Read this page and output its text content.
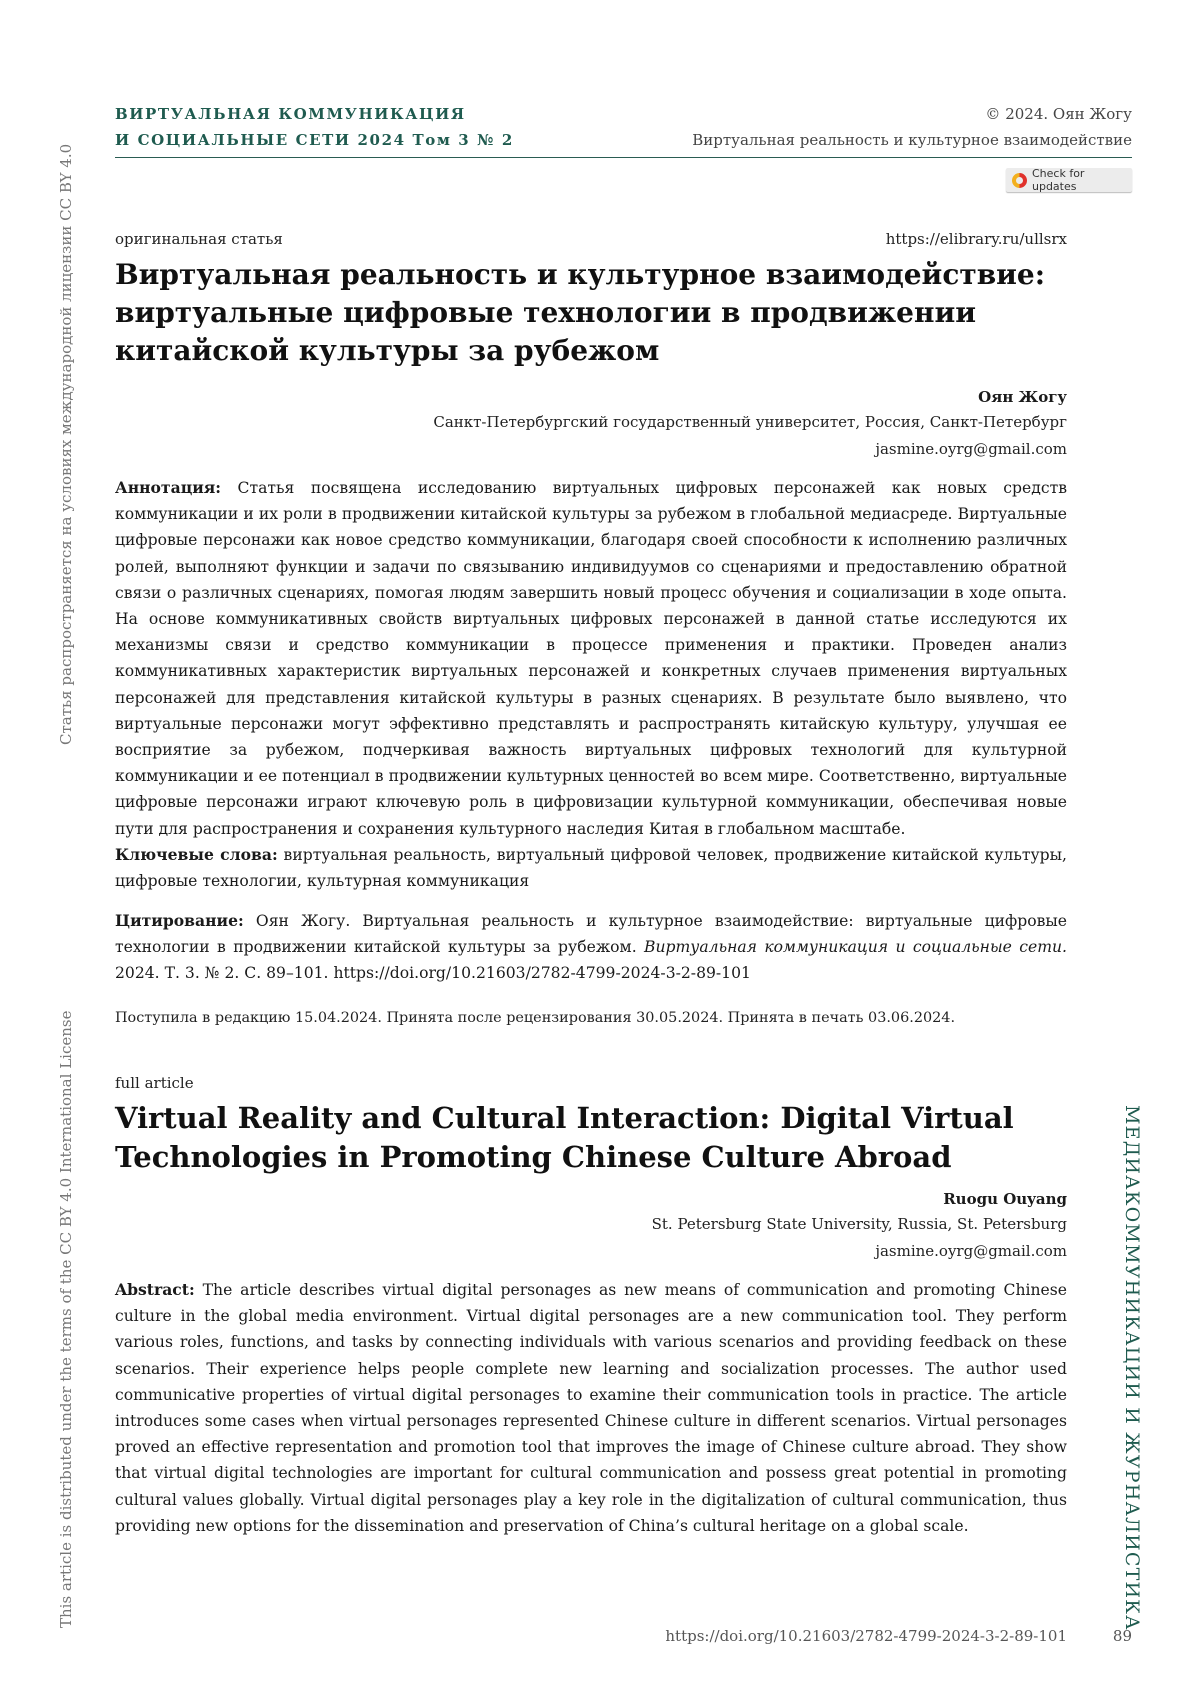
ВИРТУАЛЬНАЯ КОММУНИКАЦИЯ
И СОЦИАЛЬНЫЕ СЕТИ 2024 Том 3 № 2
© 2024. Оян Жогу
Виртуальная реальность и культурное взаимодействие
Check for updates
Статья распространяется на условиях международной лицензии CC BY 4.0
This article is distributed under the terms of the CC BY 4.0 International License	МЕДИАКОММУНИКАЦИИ И ЖУРНАЛИСТИКА
оригинальная статья	https://elibrary.ru/ullsrx
Виртуальная реальность и культурное взаимодействие:
виртуальные цифровые технологии в продвижении
китайской культуры за рубежом
Оян Жогу
Санкт-Петербургский государственный университет, Россия, Санкт-Петербург
jasmine.oyrg@gmail.com

Аннотация: Статья посвящена исследованию виртуальных цифровых персонажей как новых средств коммуникации и их роли в продвижении китайской культуры за рубежом в глобальной медиасреде. Виртуальные цифровые персонажи как новое средство коммуникации, благодаря своей способности к исполнению различных ролей, выполняют функции и задачи по связыванию индивидуумов со сценариями и предоставлению обратной связи о различных сценариях, помогая людям завершить новый процесс обучения и социализации в ходе опыта. На основе коммуникативных свойств виртуальных цифровых персонажей в данной статье исследуются их механизмы связи и средство коммуникации в процессе применения и практики. Проведен анализ коммуникативных характеристик виртуальных персонажей и конкретных случаев применения виртуальных персонажей для представления китайской культуры в разных сценариях. В результате было выявлено, что виртуальные персонажи могут эффективно представлять и распространять китайскую культуру, улучшая ее восприятие за рубежом, подчеркивая важность виртуальных цифровых технологий для культурной коммуникации и ее потенциал в продвижении культурных ценностей во всем мире. Соответственно, виртуальные цифровые персонажи играют ключевую роль в цифровизации культурной коммуникации, обеспечивая новые пути для распространения и сохранения культурного наследия Китая в глобальном масштабе.

Ключевые слова: виртуальная реальность, виртуальный цифровой человек, продвижение китайской культуры, цифровые технологии, культурная коммуникация

Цитирование: Оян Жогу. Виртуальная реальность и культурное взаимодействие: виртуальные цифровые технологии в продвижении китайской культуры за рубежом. Виртуальная коммуникация и социальные сети. 2024. Т. 3. № 2. С. 89–101. https://doi.org/10.21603/2782-4799-2024-3-2-89-101

Поступила в редакцию 15.04.2024. Принята после рецензирования 30.05.2024. Принята в печать 03.06.2024.
full article
Virtual Reality and Cultural Interaction: Digital Virtual
Technologies in Promoting Chinese Culture Abroad
Ruogu Ouyang
St. Petersburg State University, Russia, St. Petersburg
jasmine.oyrg@gmail.com

Abstract: The article describes virtual digital personages as new means of communication and promoting Chinese culture in the global media environment. Virtual digital personages are a new communication tool. They perform various roles, functions, and tasks by connecting individuals with various scenarios and providing feedback on these scenarios. Their experience helps people complete new learning and socialization processes. The author used communicative properties of virtual digital personages to examine their communication tools in practice. The article introduces some cases when virtual personages represented Chinese culture in different scenarios. Virtual personages proved an effective representation and promotion tool that improves the image of Chinese culture abroad. They show that virtual digital technologies are important for cultural communication and possess great potential in promoting cultural values globally. Virtual digital personages play a key role in the digitalization of cultural communication, thus providing new options for the dissemination and preservation of China’s cultural heritage on a global scale.

https://doi.org/10.21603/2782-4799-2024-3-2-89-101	89
